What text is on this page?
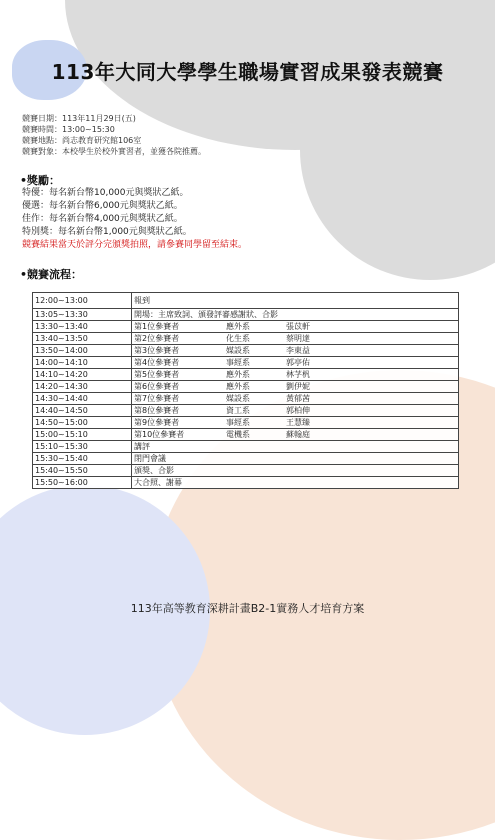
113年大同大學學生職場實習成果發表競賽
競賽日期：113年11月29日(五)
競賽時間：13:00~15:30
競賽地點：尚志教育研究館106室
競賽對象：本校學生於校外實習者，並獲各院推薦。
•獎勵：
特優：每名新台幣10,000元與獎狀乙紙。
優選：每名新台幣6,000元與獎狀乙紙。
佳作：每名新台幣4,000元與獎狀乙紙。
特別獎：每名新台幣1,000元與獎狀乙紙。
競賽結果當天於評分完頒獎拍照，請參賽同學留至結束。
•競賽流程：
12:00~13:00	報到

13:05~13:30	開場：主席致詞、頒發評審感謝狀、合影

13:30~13:40	第1位參賽者 應外系 張苡軒

13:40~13:50	第2位參賽者 化生系 蔡明達

13:50~14:00	第3位參賽者 媒設系 李東益

14:00~14:10	第4位參賽者 事經系 郭亭佑

14:10~14:20	第5位參賽者 應外系 林芓杋

14:20~14:30	第6位參賽者 應外系 劉伊妮

14:30~14:40	第7位參賽者 媒設系 黃郁茜

14:40~14:50	第8位參賽者 資工系 郭柏伸

14:50~15:00	第9位參賽者 事經系 王慧臻

15:00~15:10	第10位參賽者 電機系 蘇翰庭

15:10~15:30	講評

15:30~15:40	閉門會議

15:40~15:50	頒獎、合影

15:50~16:00	大合照、謝幕
113年高等教育深耕計畫B2-1實務人才培育方案
